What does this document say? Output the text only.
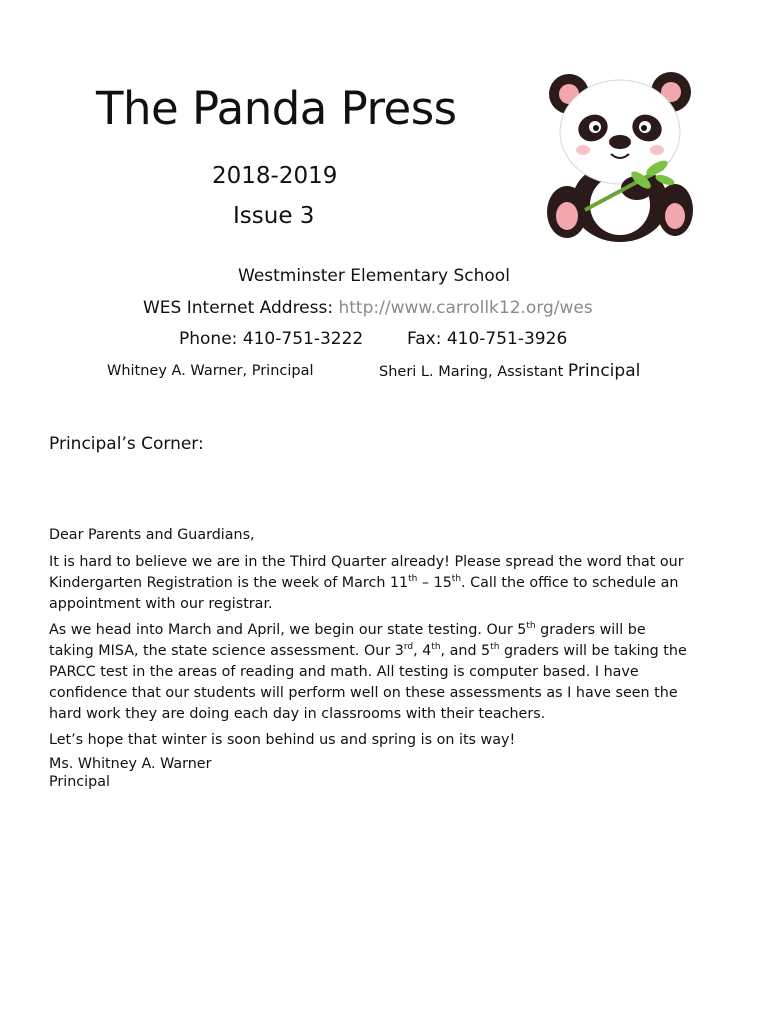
The Panda Press
2018-2019
Issue 3
Westminster Elementary School
WES Internet Address: http://www.carrollk12.org/wes
Phone: 410-751-3222	Fax: 410-751-3926
Whitney A. Warner, Principal	Sheri L. Maring, Assistant Principal
Principal’s Corner:
Dear Parents and Guardians,
It is hard to believe we are in the Third Quarter already! Please spread the word that our Kindergarten Registration is the week of March 11th – 15th. Call the office to schedule an appointment with our registrar.
As we head into March and April, we begin our state testing. Our 5th graders will be taking MISA, the state science assessment. Our 3rd, 4th, and 5th graders will be taking the PARCC test in the areas of reading and math. All testing is computer based. I have confidence that our students will perform well on these assessments as I have seen the hard work they are doing each day in classrooms with their teachers.
Let’s hope that winter is soon behind us and spring is on its way!
Ms. Whitney A. Warner
Principal
